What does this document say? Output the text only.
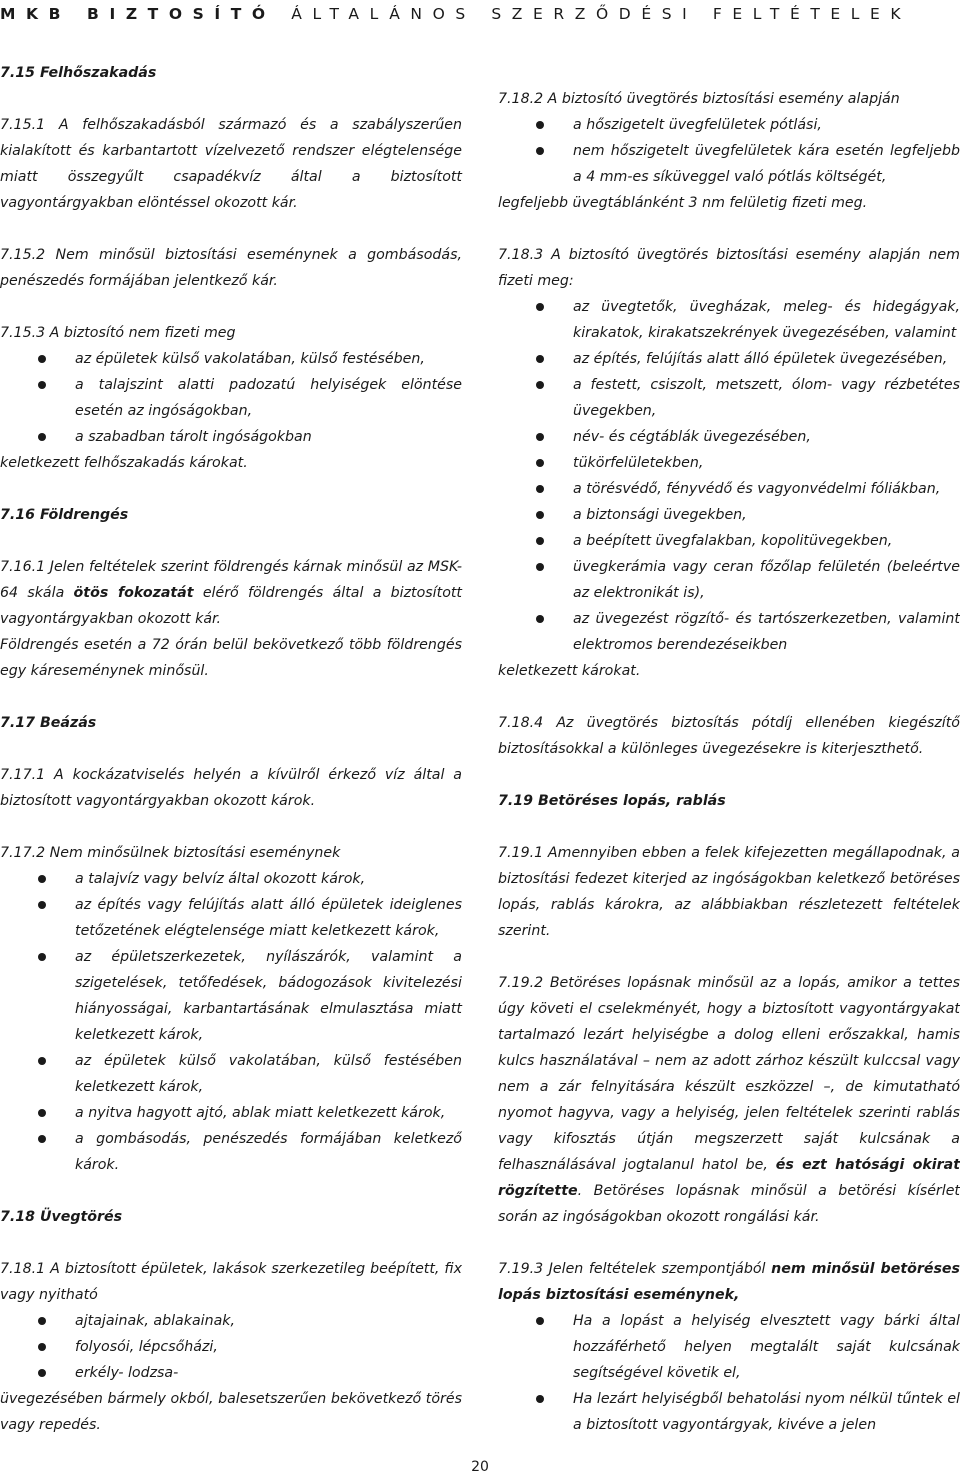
MKB BIZTOSÍTÓ ÁLTALÁNOS SZERZŐDÉSI FELTÉTELEK
7.15 Felhőszakadás

7.15.1 A felhőszakadásból származó és a szabályszerűen kialakított és karbantartott vízelvezető rendszer elégtelensége miatt összegyűlt csapadékvíz által a biztosított vagyontárgyakban elöntéssel okozott kár.

7.15.2 Nem minősül biztosítási eseménynek a gombásodás, penészedés formájában jelentkező kár.

7.15.3 A biztosító nem fizeti meg

az épületek külső vakolatában, külső festésében,
a talajszint alatti padozatú helyiségek elöntése esetén az ingóságokban,
a szabadban tárolt ingóságokban

keletkezett felhőszakadás károkat.

7.16 Földrengés

7.16.1 Jelen feltételek szerint földrengés kárnak minősül az MSK-64 skála ötös fokozatát elérő földrengés által a biztosított vagyontárgyakban okozott kár.

Földrengés esetén a 72 órán belül bekövetkező több földrengés egy káreseménynek minősül.

7.17 Beázás

7.17.1 A kockázatviselés helyén a kívülről érkező víz által a biztosított vagyontárgyakban okozott károk.

7.17.2 Nem minősülnek biztosítási eseménynek

a talajvíz vagy belvíz által okozott károk,
az építés vagy felújítás alatt álló épületek ideiglenes tetőzetének elégtelensége miatt keletkezett károk,
az épületszerkezetek, nyílászárók, valamint a szigetelések, tetőfedések, bádogozások kivitelezési hiányosságai, karbantartásának elmulasztása miatt keletkezett károk,
az épületek külső vakolatában, külső festésében keletkezett károk,
a nyitva hagyott ajtó, ablak miatt keletkezett károk,
a gombásodás, penészedés formájában keletkező károk.
7.18 Üvegtörés

7.18.1 A biztosított épületek, lakások szerkezetileg beépített, fix vagy nyitható

ajtajainak, ablakainak,
folyosói, lépcsőházi,
erkély- lodzsa-

üvegezésében bármely okból, balesetszerűen bekövetkező törés vagy repedés.

7.18.2 A biztosító üvegtörés biztosítási esemény alapján

a hőszigetelt üvegfelületek pótlási,
nem hőszigetelt üvegfelületek kára esetén legfeljebb a 4 mm-es síküveggel való pótlás költségét,

legfeljebb üvegtáblánként 3 nm felületig fizeti meg.

7.18.3 A biztosító üvegtörés biztosítási esemény alapján nem fizeti meg:

az üvegtetők, üvegházak, meleg- és hidegágyak, kirakatok, kirakatszekrények üvegezésében, valamint
az építés, felújítás alatt álló épületek üvegezésében,
a festett, csiszolt, metszett, ólom- vagy rézbetétes üvegekben,
név- és cégtáblák üvegezésében,
tükörfelületekben,
a törésvédő, fényvédő és vagyonvédelmi fóliákban,
a biztonsági üvegekben,
a beépített üvegfalakban, kopolitüvegekben,
üvegkerámia vagy ceran főzőlap felületén (beleértve az elektronikát is),
az üvegezést rögzítő- és tartószerkezetben, valamint elektromos berendezéseikben

keletkezett károkat.

7.18.4 Az üvegtörés biztosítás pótdíj ellenében kiegészítő biztosításokkal a különleges üvegezésekre is kiterjeszthető.

7.19 Betöréses lopás, rablás

7.19.1 Amennyiben ebben a felek kifejezetten megállapodnak, a biztosítási fedezet kiterjed az ingóságokban keletkező betöréses lopás, rablás károkra, az alábbiakban részletezett feltételek szerint.

7.19.2 Betöréses lopásnak minősül az a lopás, amikor a tettes úgy követi el cselekményét, hogy a biztosított vagyontárgyakat tartalmazó lezárt helyiségbe a dolog elleni erőszakkal, hamis kulcs használatával – nem az adott zárhoz készült kulccsal vagy nem a zár felnyitására készült eszközzel –, de kimutatható nyomot hagyva, vagy a helyiség, jelen feltételek szerinti rablás vagy kifosztás útján megszerzett saját kulcsának a felhasználásával jogtalanul hatol be, és ezt hatósági okirat rögzítette. Betöréses lopásnak minősül a betörési kísérlet során az ingóságokban okozott rongálási kár.

7.19.3 Jelen feltételek szempontjából nem minősül betöréses lopás biztosítási eseménynek,

Ha a lopást a helyiség elvesztett vagy bárki által hozzáférhető helyen megtalált saját kulcsának segítségével követik el,
Ha lezárt helyiségből behatolási nyom nélkül tűntek el a biztosított vagyontárgyak, kivéve a jelen
20
